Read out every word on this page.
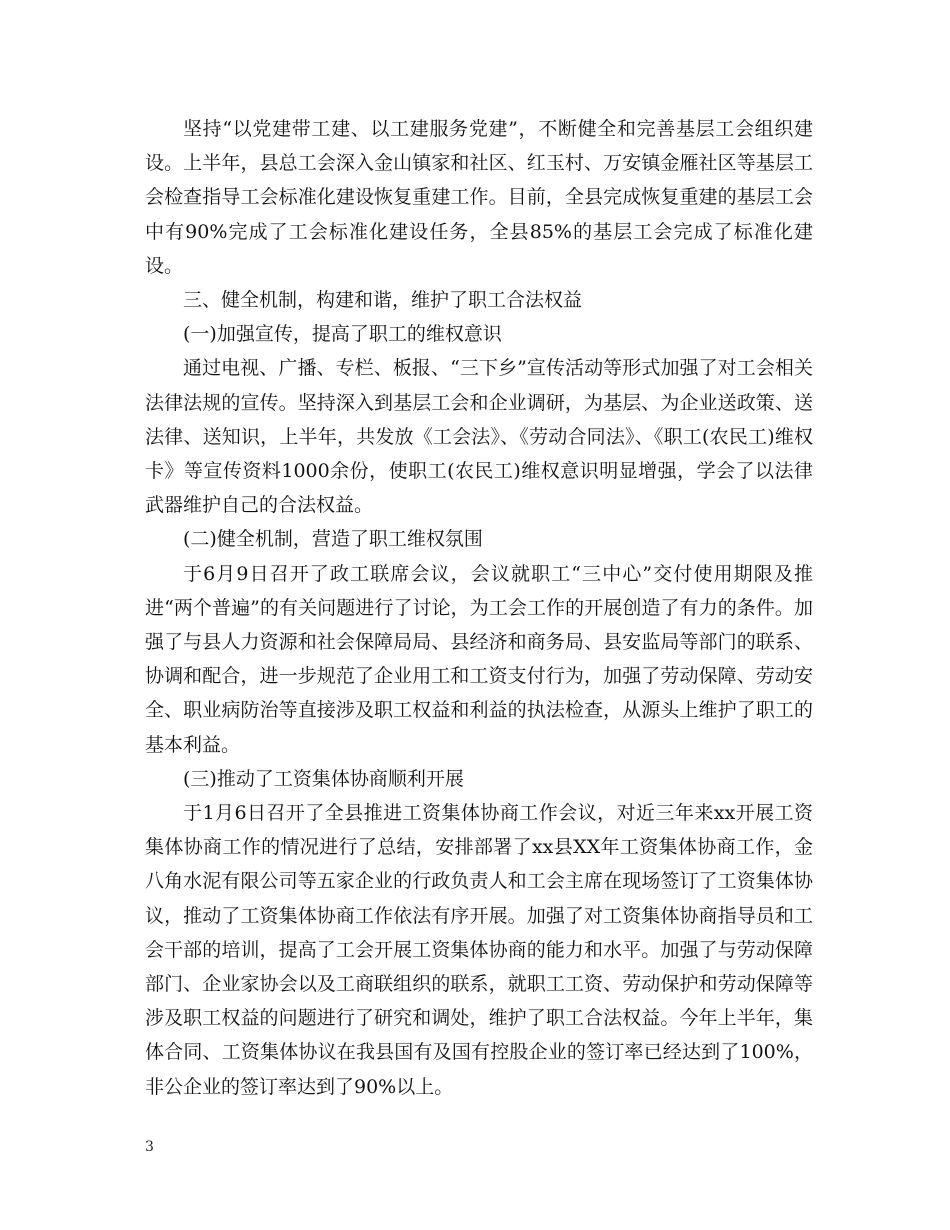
坚持“以党建带工建、以工建服务党建”，不断健全和完善基层工会组织建设。上半年，县总工会深入金山镇家和社区、红玉村、万安镇金雁社区等基层工会检查指导工会标准化建设恢复重建工作。目前，全县完成恢复重建的基层工会中有90%完成了工会标准化建设任务，全县85%的基层工会完成了标准化建设。

三、健全机制，构建和谐，维护了职工合法权益

(一)加强宣传，提高了职工的维权意识

通过电视、广播、专栏、板报、“三下乡”宣传活动等形式加强了对工会相关法律法规的宣传。坚持深入到基层工会和企业调研，为基层、为企业送政策、送法律、送知识，上半年，共发放《工会法》、《劳动合同法》、《职工(农民工)维权卡》等宣传资料1000余份，使职工(农民工)维权意识明显增强，学会了以法律武器维护自己的合法权益。

(二)健全机制，营造了职工维权氛围

于6月9日召开了政工联席会议，会议就职工“三中心”交付使用期限及推进“两个普遍”的有关问题进行了讨论，为工会工作的开展创造了有力的条件。加强了与县人力资源和社会保障局局、县经济和商务局、县安监局等部门的联系、协调和配合，进一步规范了企业用工和工资支付行为，加强了劳动保障、劳动安全、职业病防治等直接涉及职工权益和利益的执法检查，从源头上维护了职工的基本利益。

(三)推动了工资集体协商顺利开展

于1月6日召开了全县推进工资集体协商工作会议，对近三年来xx开展工资集体协商工作的情况进行了总结，安排部署了xx县XX年工资集体协商工作，金八角水泥有限公司等五家企业的行政负责人和工会主席在现场签订了工资集体协议，推动了工资集体协商工作依法有序开展。加强了对工资集体协商指导员和工会干部的培训，提高了工会开展工资集体协商的能力和水平。加强了与劳动保障部门、企业家协会以及工商联组织的联系，就职工工资、劳动保护和劳动保障等涉及职工权益的问题进行了研究和调处，维护了职工合法权益。今年上半年，集体合同、工资集体协议在我县国有及国有控股企业的签订率已经达到了100%，非公企业的签订率达到了90%以上。

3
